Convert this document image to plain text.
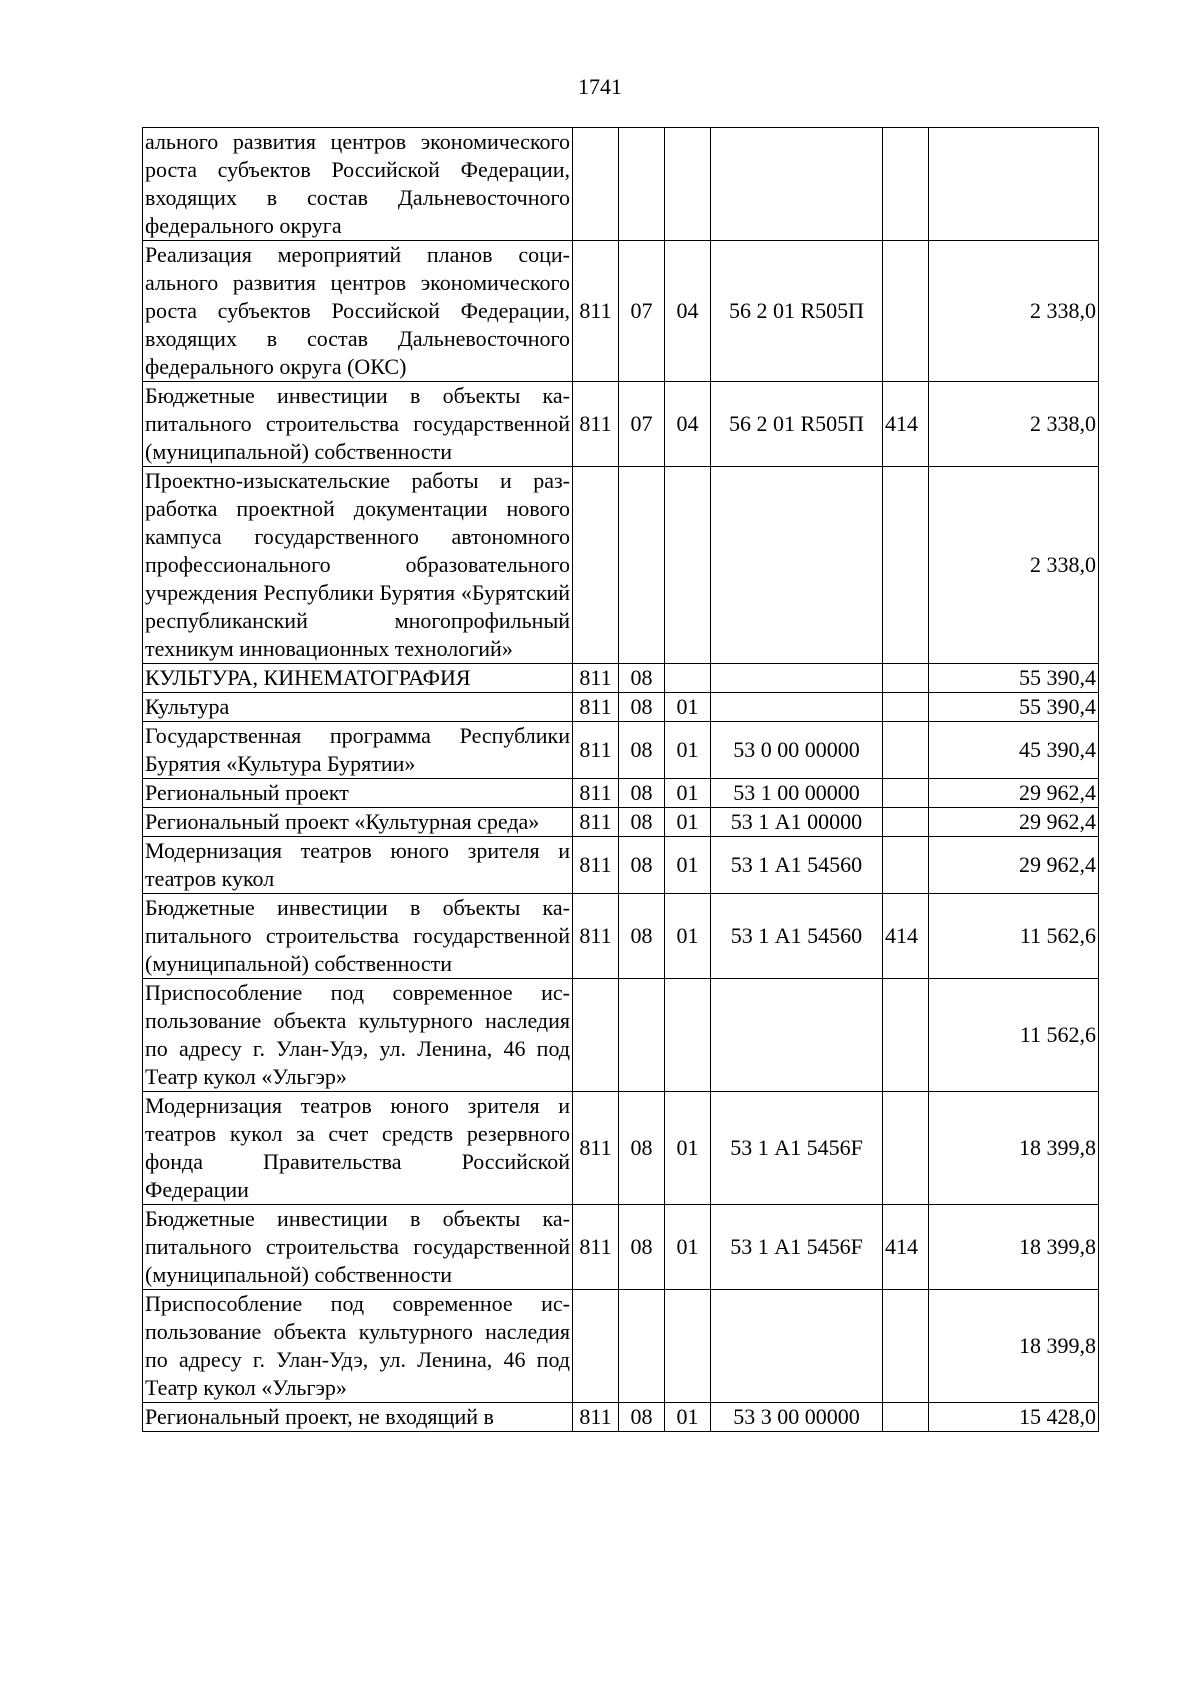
1741
ального развития центров экономического роста субъектов Российской Федерации, входящих в состав Дальневосточного федерального округа						
Реализация мероприятий планов социального развития центров экономического роста субъектов Российской Федерации, входящих в состав Дальневосточного федерального округа (ОКС)	811	07	04	56 2 01 R505П		2 338,0
Бюджетные инвестиции в объекты капитального строительства государственной (муниципальной) собственности	811	07	04	56 2 01 R505П	414	2 338,0
Проектно-изыскательские работы и разработка проектной документации нового кампуса государственного автономного профессионального образовательного учреждения Республики Бурятия «Бурятский республиканский многопрофильный техникум инновационных технологий»						2 338,0
КУЛЬТУРА, КИНЕМАТОГРАФИЯ	811	08				55 390,4
Культура	811	08	01			55 390,4
Государственная программа Республики Бурятия «Культура Бурятии»	811	08	01	53 0 00 00000		45 390,4
Региональный проект	811	08	01	53 1 00 00000		29 962,4
Региональный проект «Культурная среда»	811	08	01	53 1 А1 00000		29 962,4
Модернизация театров юного зрителя и театров кукол	811	08	01	53 1 А1 54560		29 962,4
Бюджетные инвестиции в объекты капитального строительства государственной (муниципальной) собственности	811	08	01	53 1 А1 54560	414	11 562,6
Приспособление под современное использование объекта культурного наследия по адресу г. Улан-Удэ, ул. Ленина, 46 под Театр кукол «Ульгэр»						11 562,6
Модернизация театров юного зрителя и театров кукол за счет средств резервного фонда Правительства Российской Федерации	811	08	01	53 1 А1 5456F		18 399,8
Бюджетные инвестиции в объекты капитального строительства государственной (муниципальной) собственности	811	08	01	53 1 А1 5456F	414	18 399,8
Приспособление под современное использование объекта культурного наследия по адресу г. Улан-Удэ, ул. Ленина, 46 под Театр кукол «Ульгэр»						18 399,8
Региональный проект, не входящий в	811	08	01	53 3 00 00000		15 428,0
